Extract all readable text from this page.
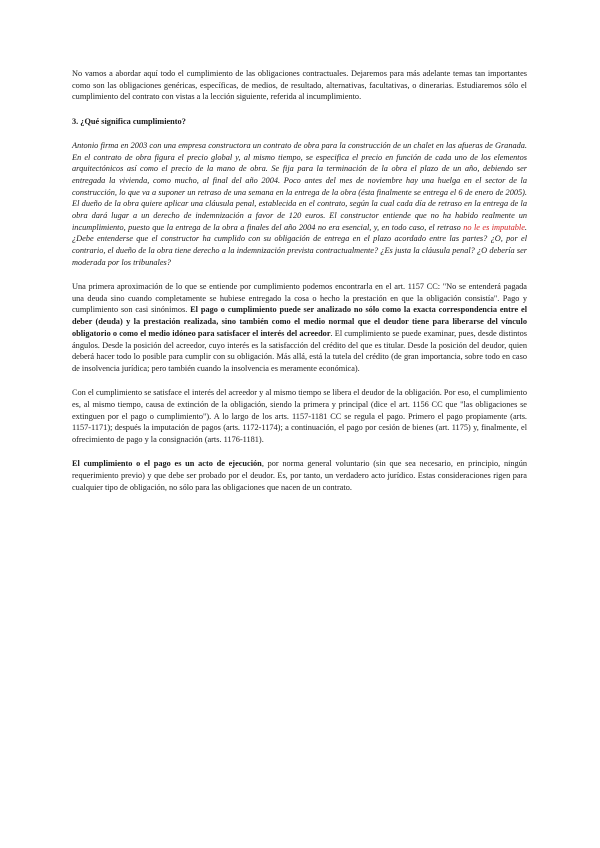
No vamos a abordar aquí todo el cumplimiento de las obligaciones contractuales. Dejaremos para más adelante temas tan importantes como son las obligaciones genéricas, específicas, de medios, de resultado, alternativas, facultativas, o dinerarias. Estudiaremos sólo el cumplimiento del contrato con vistas a la lección siguiente, referida al incumplimiento.

3. ¿Qué significa cumplimiento?

Antonio firma en 2003 con una empresa constructora un contrato de obra para la construcción de un chalet en las afueras de Granada. En el contrato de obra figura el precio global y, al mismo tiempo, se especifica el precio en función de cada uno de los elementos arquitectónicos así como el precio de la mano de obra. Se fija para la terminación de la obra el plazo de un año, debiendo ser entregada la vivienda, como mucho, al final del año 2004. Poco antes del mes de noviembre hay una huelga en el sector de la construcción, lo que va a suponer un retraso de una semana en la entrega de la obra (ésta finalmente se entrega el 6 de enero de 2005). El dueño de la obra quiere aplicar una cláusula penal, establecida en el contrato, según la cual cada día de retraso en la entrega de la obra dará lugar a un derecho de indemnización a favor de 120 euros. El constructor entiende que no ha habido realmente un incumplimiento, puesto que la entrega de la obra a finales del año 2004 no era esencial, y, en todo caso, el retraso no le es imputable. ¿Debe entenderse que el constructor ha cumplido con su obligación de entrega en el plazo acordado entre las partes? ¿O, por el contrario, el dueño de la obra tiene derecho a la indemnización prevista contractualmente? ¿Es justa la cláusula penal? ¿O debería ser moderada por los tribunales?

Una primera aproximación de lo que se entiende por cumplimiento podemos encontrarla en el art. 1157 CC: "No se entenderá pagada una deuda sino cuando completamente se hubiese entregado la cosa o hecho la prestación en que la obligación consistía". Pago y cumplimiento son casi sinónimos. El pago o cumplimiento puede ser analizado no sólo como la exacta correspondencia entre el deber (deuda) y la prestación realizada, sino también como el medio normal que el deudor tiene para liberarse del vínculo obligatorio o como el medio idóneo para satisfacer el interés del acreedor. El cumplimiento se puede examinar, pues, desde distintos ángulos. Desde la posición del acreedor, cuyo interés es la satisfacción del crédito del que es titular. Desde la posición del deudor, quien deberá hacer todo lo posible para cumplir con su obligación. Más allá, está la tutela del crédito (de gran importancia, sobre todo en caso de insolvencia jurídica; pero también cuando la insolvencia es meramente económica).

Con el cumplimiento se satisface el interés del acreedor y al mismo tiempo se libera el deudor de la obligación. Por eso, el cumplimiento es, al mismo tiempo, causa de extinción de la obligación, siendo la primera y principal (dice el art. 1156 CC que "las obligaciones se extinguen por el pago o cumplimiento"). A lo largo de los arts. 1157-1181 CC se regula el pago. Primero el pago propiamente (arts. 1157-1171); después la imputación de pagos (arts. 1172-1174); a continuación, el pago por cesión de bienes (art. 1175) y, finalmente, el ofrecimiento de pago y la consignación (arts. 1176-1181).

El cumplimiento o el pago es un acto de ejecución, por norma general voluntario (sin que sea necesario, en principio, ningún requerimiento previo) y que debe ser probado por el deudor. Es, por tanto, un verdadero acto jurídico. Estas consideraciones rigen para cualquier tipo de obligación, no sólo para las obligaciones que nacen de un contrato.
